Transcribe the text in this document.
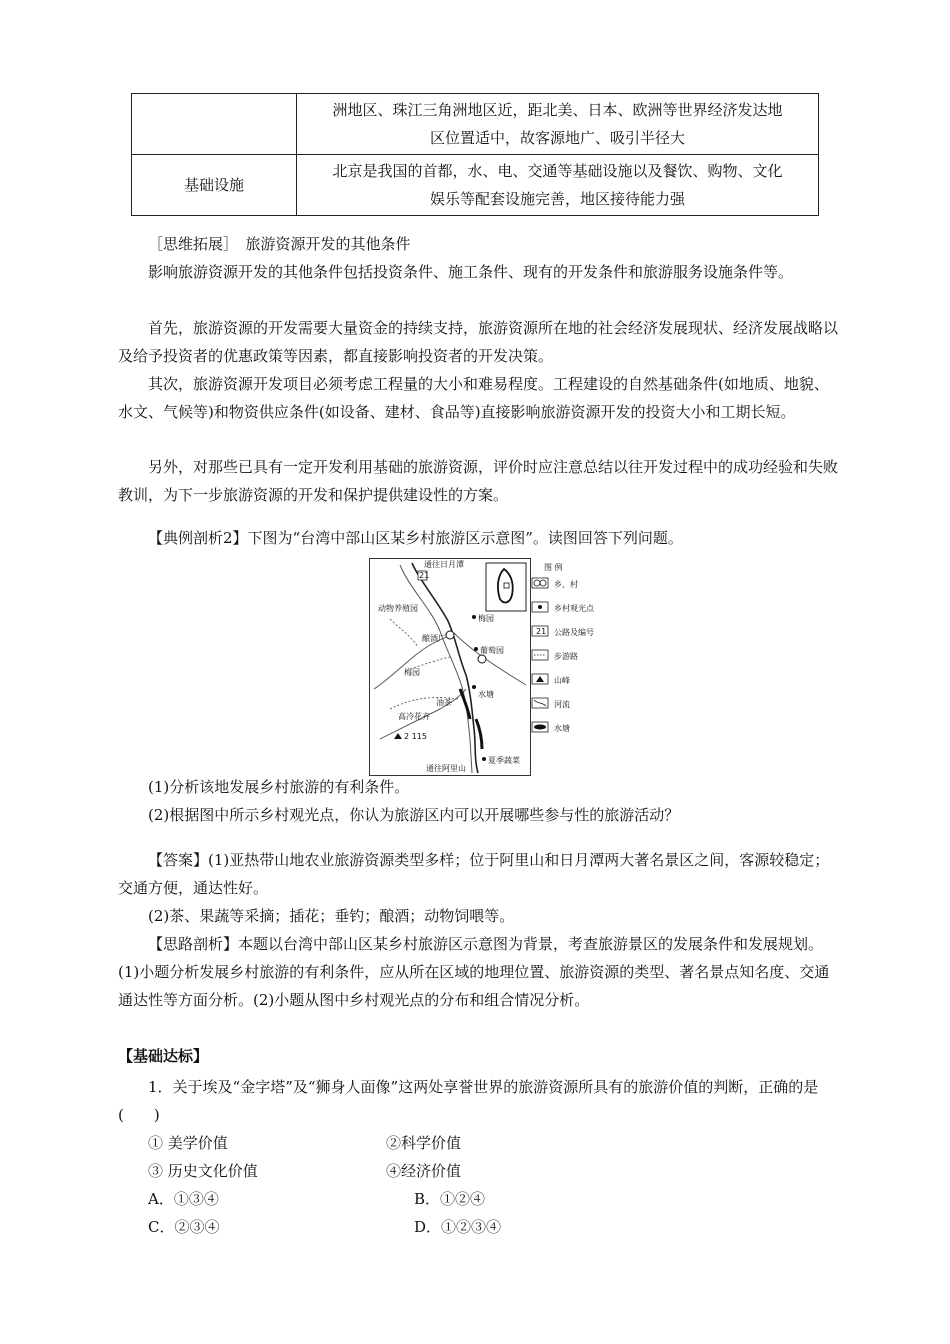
	洲地区、珠江三角洲地区近，距北美、日本、欧洲等世界经济发达地
区位置适中，故客源地广、吸引半径大

基础设施	北京是我国的首都，水、电、交通等基础设施以及餐饮、购物、文化
娱乐等配套设施完善，地区接待能力强

［思维拓展］　旅游资源开发的其他条件

影响旅游资源开发的其他条件包括投资条件、施工条件、现有的开发条件和旅游服务设施条件等。

首先，旅游资源的开发需要大量资金的持续支持，旅游资源所在地的社会经济发展现状、经济发展战略以及给予投资者的优惠政策等因素，都直接影响投资者的开发决策。

其次，旅游资源开发项目必须考虑工程量的大小和难易程度。工程建设的自然基础条件(如地质、地貌、水文、气候等)和物资供应条件(如设备、建材、食品等)直接影响旅游资源开发的投资大小和工期长短。

另外，对那些已具有一定开发利用基础的旅游资源，评价时应注意总结以往开发过程中的成功经验和失败教训，为下一步旅游资源的开发和保护提供建设性的方案。

【典例剖析2】下图为“台湾中部山区某乡村旅游区示意图”。读图回答下列问题。

21
通往日月潭
动物养殖园
梅园
酿酒厂
葡萄园
梅园
水塘
油茶
高冷花卉
2 115
夏季蔬菜
通往阿里山
图 例
乡、村
乡村观光点
21 公路及编号
步游路
山峰
河流
水塘

(1)分析该地发展乡村旅游的有利条件。

(2)根据图中所示乡村观光点，你认为旅游区内可以开展哪些参与性的旅游活动？

【答案】(1)亚热带山地农业旅游资源类型多样；位于阿里山和日月潭两大著名景区之间，客源较稳定；交通方便，通达性好。

(2)茶、果蔬等采摘；插花；垂钓；酿酒；动物饲喂等。

【思路剖析】本题以台湾中部山区某乡村旅游区示意图为背景，考查旅游景区的发展条件和发展规划。(1)小题分析发展乡村旅游的有利条件，应从所在区域的地理位置、旅游资源的类型、著名景点知名度、交通通达性等方面分析。(2)小题从图中乡村观光点的分布和组合情况分析。

【基础达标】

1．关于埃及“金字塔”及“狮身人面像”这两处享誉世界的旅游资源所具有的旅游价值的判断，正确的是(　　)

① 美学价值	②科学价值
③ 历史文化价值	④经济价值
A．①③④	B．①②④
C．②③④	D．①②③④
